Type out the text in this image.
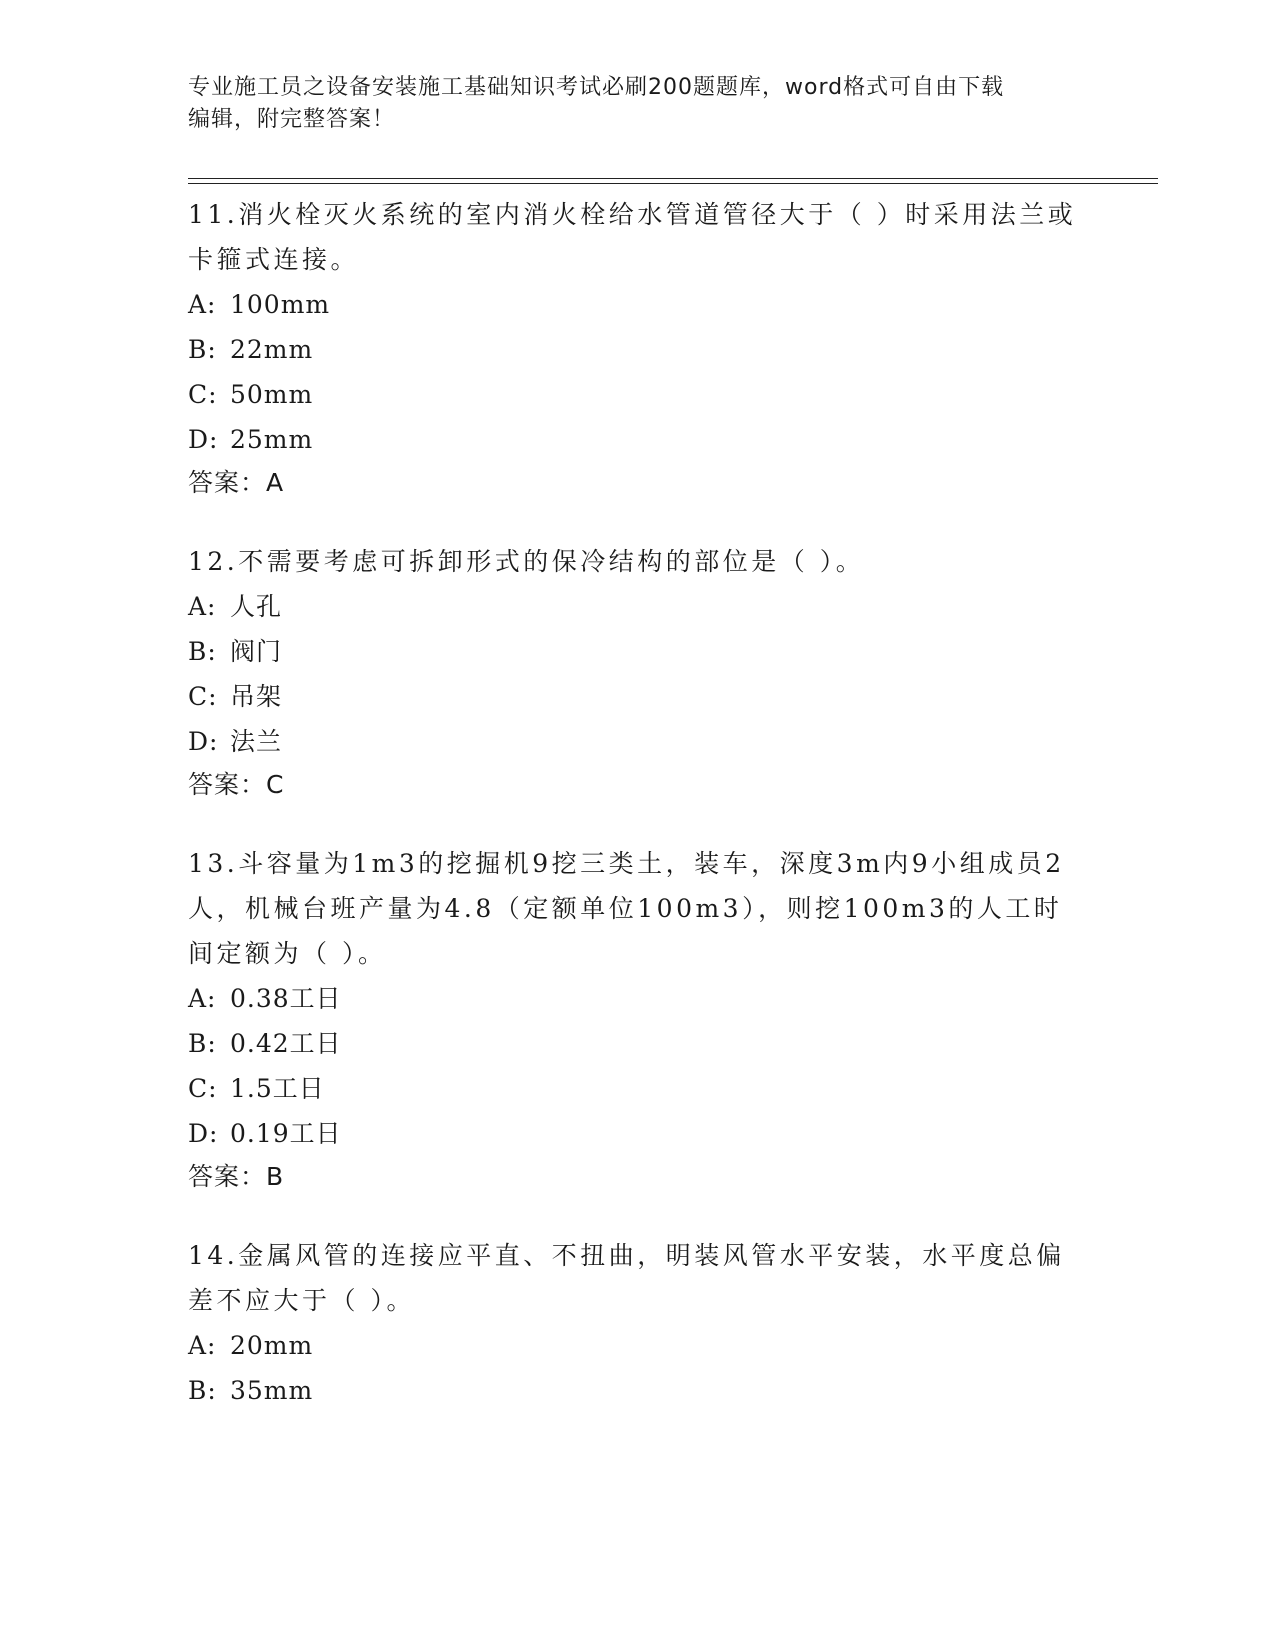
专业施工员之设备安装施工基础知识考试必刷200题题库，word格式可自由下载
编辑，附完整答案！

11.消火栓灭火系统的室内消火栓给水管道管径大于（ ）时采用法兰或卡箍式连接。

A: 100mm
B: 22mm
C: 50mm
D: 25mm
答案：A

12.不需要考虑可拆卸形式的保冷结构的部位是（ ）。

A: 人孔
B: 阀门
C: 吊架
D: 法兰
答案：C

13.斗容量为1m3的挖掘机9挖三类土，装车，深度3m内9小组成员2人，机械台班产量为4.8（定额单位100m3），则挖100m3的人工时间定额为（ ）。

A: 0.38工日
B: 0.42工日
C: 1.5工日
D: 0.19工日
答案：B

14.金属风管的连接应平直、不扭曲，明装风管水平安装，水平度总偏差不应大于（ ）。

A: 20mm
B: 35mm
